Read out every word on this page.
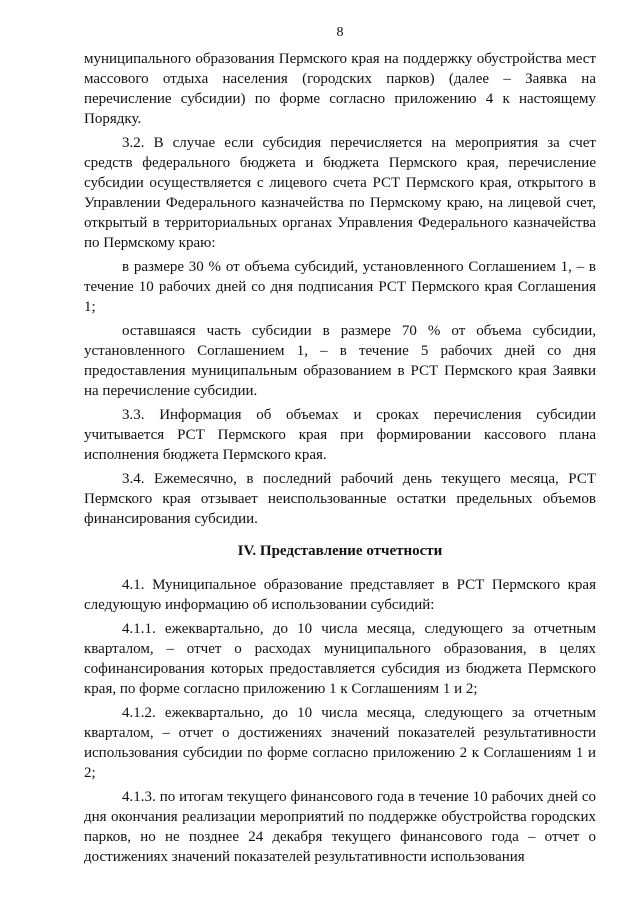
8

муниципального образования Пермского края на поддержку обустройства мест массового отдыха населения (городских парков) (далее – Заявка на перечисление субсидии) по форме согласно приложению 4 к настоящему Порядку.

3.2. В случае если субсидия перечисляется на мероприятия за счет средств федерального бюджета и бюджета Пермского края, перечисление субсидии осуществляется с лицевого счета РСТ Пермского края, открытого в Управлении Федерального казначейства по Пермскому краю, на лицевой счет, открытый в территориальных органах Управления Федерального казначейства по Пермскому краю:

в размере 30 % от объема субсидий, установленного Соглашением 1, – в течение 10 рабочих дней со дня подписания РСТ Пермского края Соглашения 1;

оставшаяся часть субсидии в размере 70 % от объема субсидии, установленного Соглашением 1, – в течение 5 рабочих дней со дня предоставления муниципальным образованием в РСТ Пермского края Заявки на перечисление субсидии.

3.3. Информация об объемах и сроках перечисления субсидии учитывается РСТ Пермского края при формировании кассового плана исполнения бюджета Пермского края.

3.4. Ежемесячно, в последний рабочий день текущего месяца, РСТ Пермского края отзывает неиспользованные остатки предельных объемов финансирования субсидии.

IV. Представление отчетности

4.1. Муниципальное образование представляет в РСТ Пермского края следующую информацию об использовании субсидий:

4.1.1. ежеквартально, до 10 числа месяца, следующего за отчетным кварталом, – отчет о расходах муниципального образования, в целях софинансирования которых предоставляется субсидия из бюджета Пермского края, по форме согласно приложению 1 к Соглашениям 1 и 2;

4.1.2. ежеквартально, до 10 числа месяца, следующего за отчетным кварталом, – отчет о достижениях значений показателей результативности использования субсидии по форме согласно приложению 2 к Соглашениям 1 и 2;

4.1.3. по итогам текущего финансового года в течение 10 рабочих дней со дня окончания реализации мероприятий по поддержке обустройства городских парков, но не позднее 24 декабря текущего финансового года – отчет о достижениях значений показателей результативности использования
